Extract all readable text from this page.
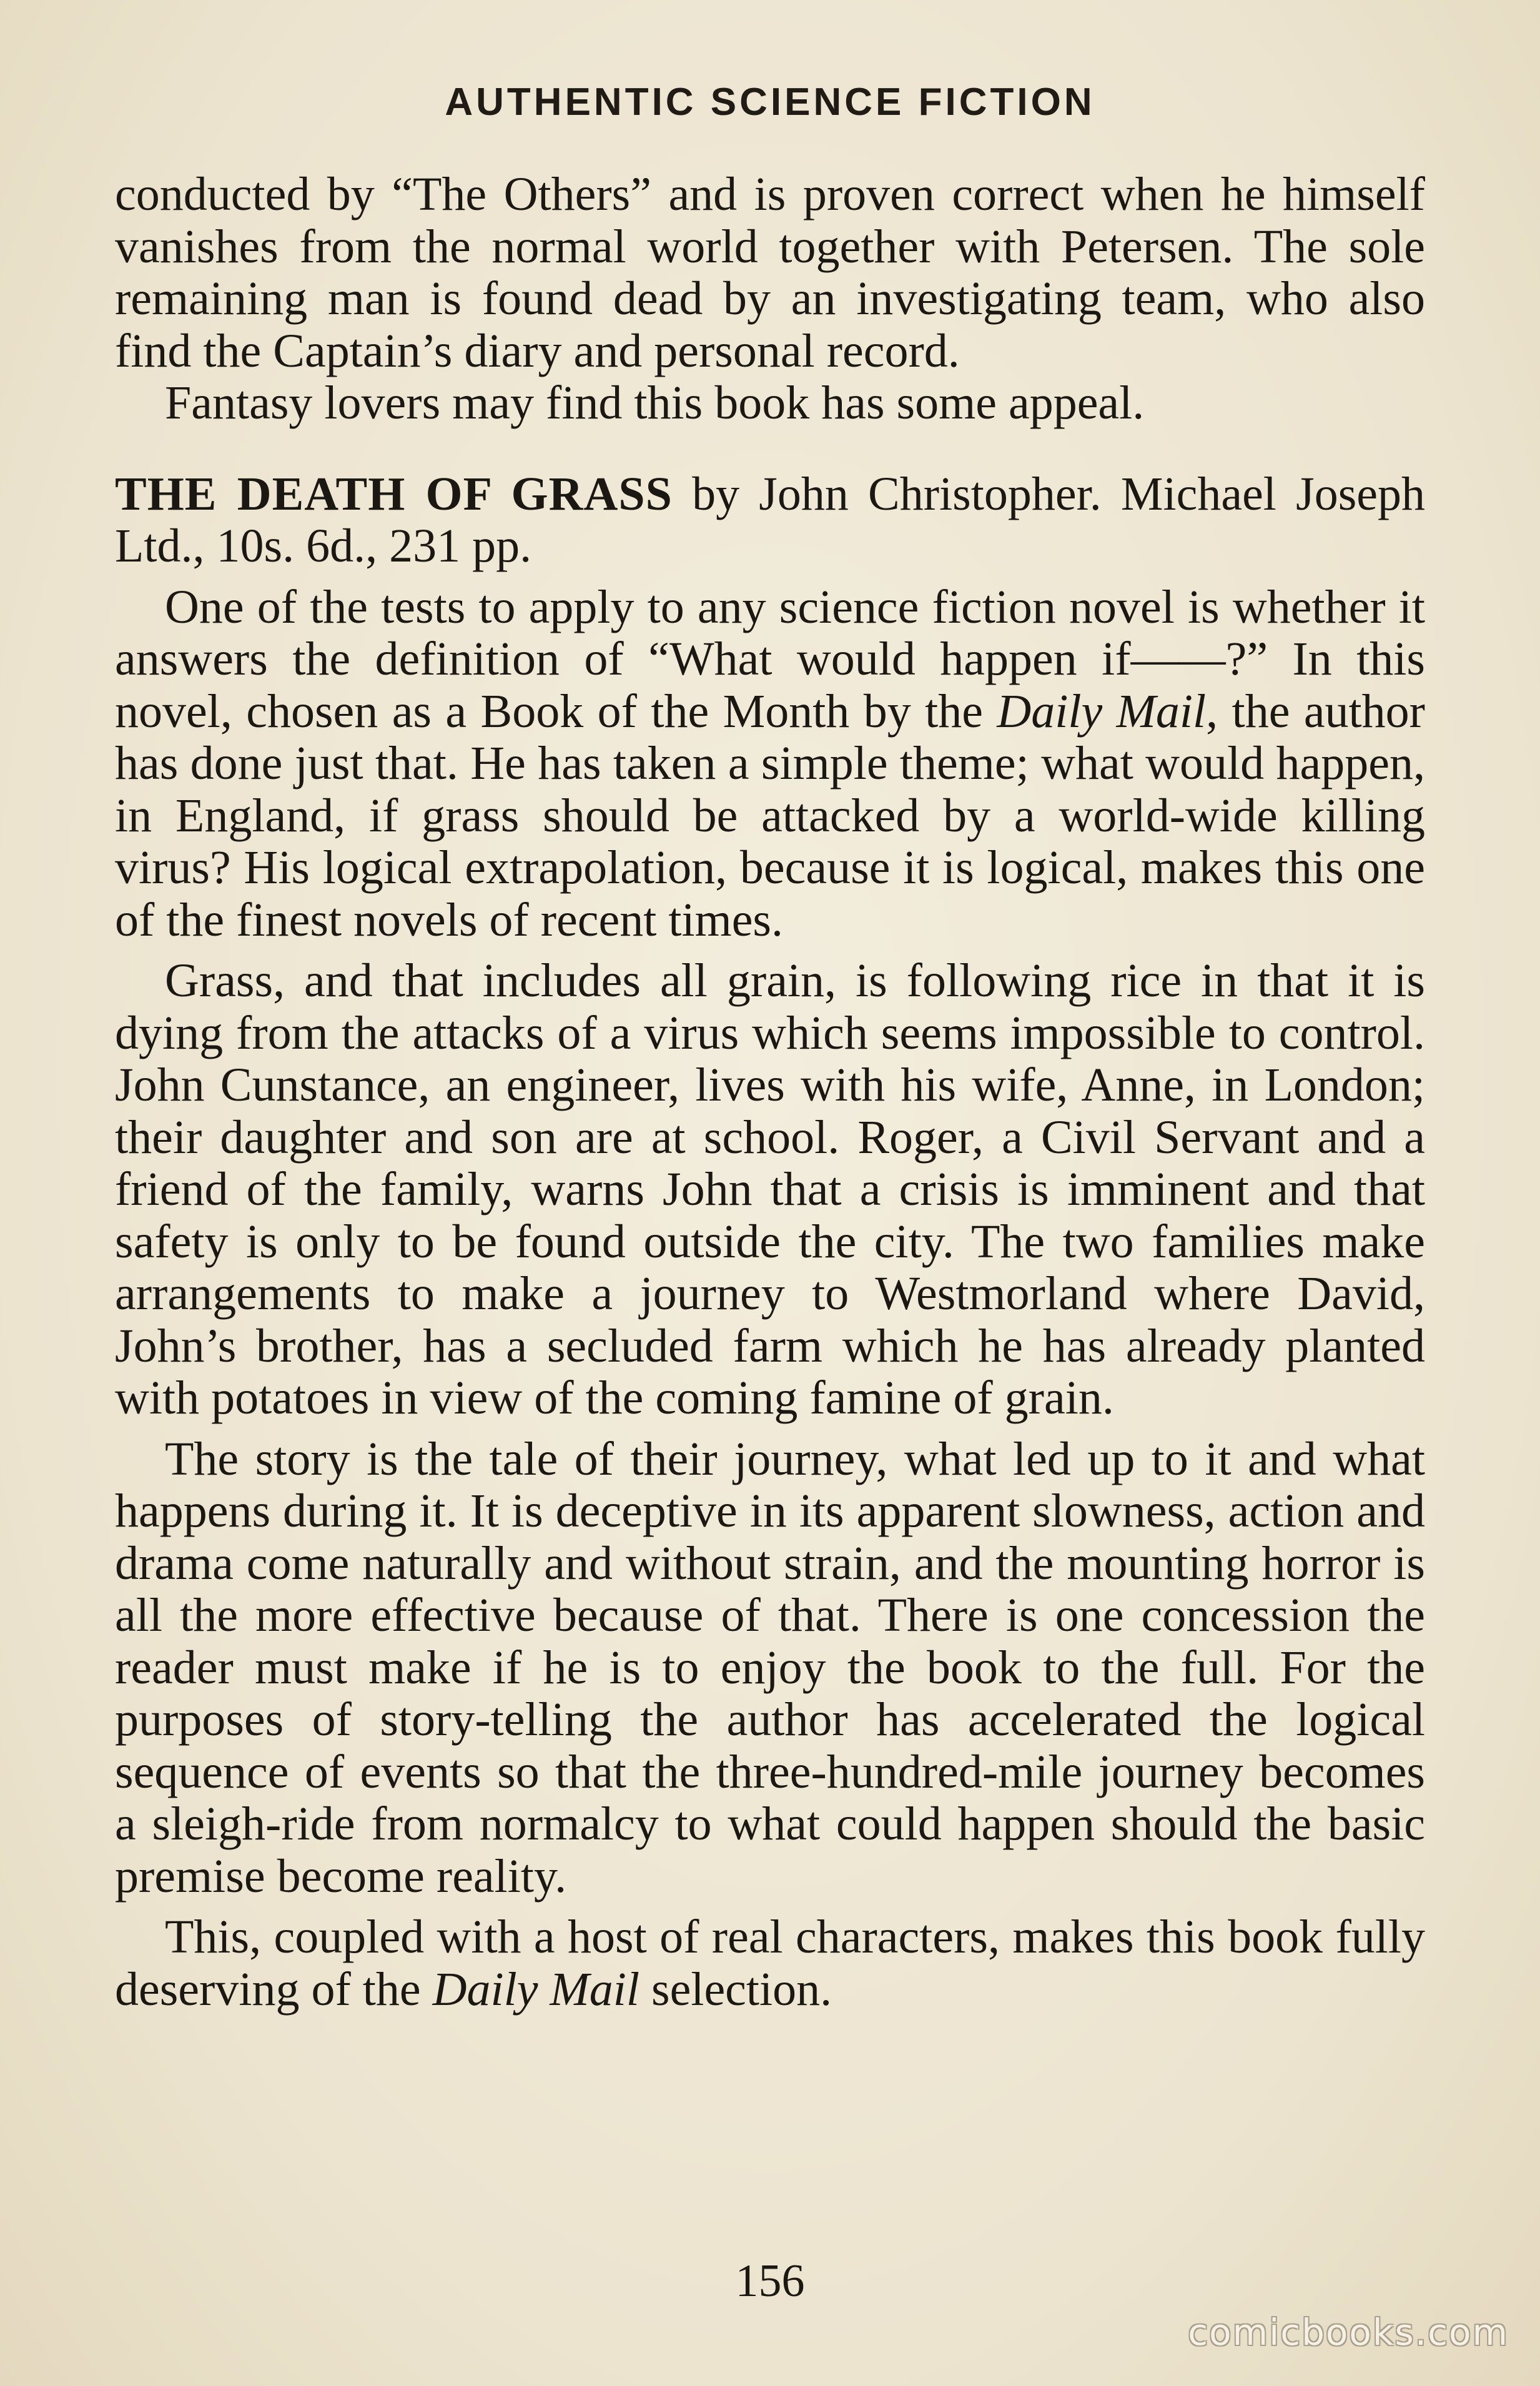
AUTHENTIC SCIENCE FICTION

conducted by “The Others” and is proven correct when he himself vanishes from the normal world together with Petersen. The sole remaining man is found dead by an investigating team, who also find the Captain’s diary and personal record.

Fantasy lovers may find this book has some appeal.

THE DEATH OF GRASS by John Christopher. Michael Joseph Ltd., 10s. 6d., 231 pp.

One of the tests to apply to any science fiction novel is whether it answers the definition of “What would happen if——?” In this novel, chosen as a Book of the Month by the Daily Mail, the author has done just that. He has taken a simple theme; what would happen, in England, if grass should be attacked by a world-wide killing virus? His logical extrapolation, because it is logical, makes this one of the finest novels of recent times.

Grass, and that includes all grain, is following rice in that it is dying from the attacks of a virus which seems impossible to control. John Cunstance, an engineer, lives with his wife, Anne, in London; their daughter and son are at school. Roger, a Civil Servant and a friend of the family, warns John that a crisis is imminent and that safety is only to be found outside the city. The two families make arrangements to make a journey to Westmorland where David, John’s brother, has a secluded farm which he has already planted with potatoes in view of the coming famine of grain.

The story is the tale of their journey, what led up to it and what happens during it. It is deceptive in its apparent slowness, action and drama come naturally and without strain, and the mounting horror is all the more effective because of that. There is one concession the reader must make if he is to enjoy the book to the full. For the purposes of story-telling the author has accelerated the logical sequence of events so that the three-hundred-mile journey becomes a sleigh-ride from normalcy to what could happen should the basic premise become reality.

This, coupled with a host of real characters, makes this book fully deserving of the Daily Mail selection.

156
comicbooks.com
